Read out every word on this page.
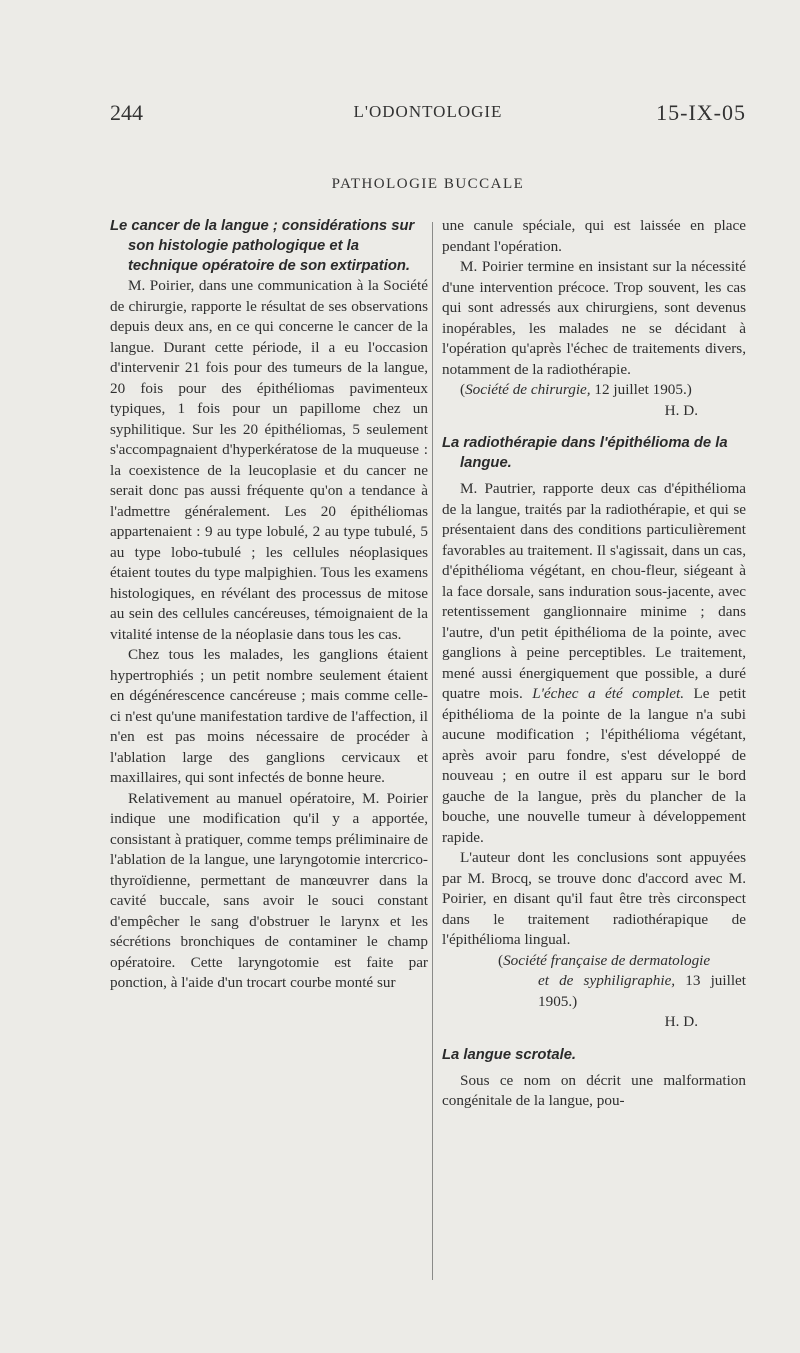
244	L'ODONTOLOGIE	15-IX-05
PATHOLOGIE BUCCALE
Le cancer de la langue ; considérations sur son histologie pathologique et la technique opératoire de son extirpation.

M. Poirier, dans une communication à la Société de chirurgie, rapporte le résultat de ses observations depuis deux ans, en ce qui concerne le cancer de la langue. Durant cette période, il a eu l'occasion d'intervenir 21 fois pour des tumeurs de la langue, 20 fois pour des épithéliomas pavimenteux typiques, 1 fois pour un papillome chez un syphilitique. Sur les 20 épithéliomas, 5 seulement s'accompagnaient d'hyperkératose de la muqueuse : la coexistence de la leucoplasie et du cancer ne serait donc pas aussi fréquente qu'on a tendance à l'admettre généralement. Les 20 épithéliomas appartenaient : 9 au type lobulé, 2 au type tubulé, 5 au type lobo-tubulé ; les cellules néoplasiques étaient toutes du type malpighien. Tous les examens histologiques, en révélant des processus de mitose au sein des cellules cancéreuses, témoignaient de la vitalité intense de la néoplasie dans tous les cas.

Chez tous les malades, les ganglions étaient hypertrophiés ; un petit nombre seulement étaient en dégénérescence cancéreuse ; mais comme celle-ci n'est qu'une manifestation tardive de l'affection, il n'en est pas moins nécessaire de procéder à l'ablation large des ganglions cervicaux et maxillaires, qui sont infectés de bonne heure.

Relativement au manuel opératoire, M. Poirier indique une modification qu'il y a apportée, consistant à pratiquer, comme temps préliminaire de l'ablation de la langue, une laryngotomie intercrico-thyroïdienne, permettant de manœuvrer dans la cavité buccale, sans avoir le souci constant d'empêcher le sang d'obstruer le larynx et les sécrétions bronchiques de contaminer le champ opératoire. Cette laryngotomie est faite par ponction, à l'aide d'un trocart courbe monté sur

une canule spéciale, qui est laissée en place pendant l'opération.

M. Poirier termine en insistant sur la nécessité d'une intervention précoce. Trop souvent, les cas qui sont adressés aux chirurgiens, sont devenus inopérables, les malades ne se décidant à l'opération qu'après l'échec de traitements divers, notamment de la radiothérapie.

(Société de chirurgie, 12 juillet 1905.)

H. D.

La radiothérapie dans l'épithélioma de la langue.

M. Pautrier, rapporte deux cas d'épithélioma de la langue, traités par la radiothérapie, et qui se présentaient dans des conditions particulièrement favorables au traitement. Il s'agissait, dans un cas, d'épithélioma végétant, en chou-fleur, siégeant à la face dorsale, sans induration sous-jacente, avec retentissement ganglionnaire minime ; dans l'autre, d'un petit épithélioma de la pointe, avec ganglions à peine perceptibles. Le traitement, mené aussi énergiquement que possible, a duré quatre mois. L'échec a été complet. Le petit épithélioma de la pointe de la langue n'a subi aucune modification ; l'épithélioma végétant, après avoir paru fondre, s'est développé de nouveau ; en outre il est apparu sur le bord gauche de la langue, près du plancher de la bouche, une nouvelle tumeur à développement rapide.

L'auteur dont les conclusions sont appuyées par M. Brocq, se trouve donc d'accord avec M. Poirier, en disant qu'il faut être très circonspect dans le traitement radiothérapique de l'épithélioma lingual.

(Société française de dermatologie
et de syphiligraphie, 13 juillet 1905.)

H. D.

La langue scrotale.

Sous ce nom on décrit une malformation congénitale de la langue, pou-
